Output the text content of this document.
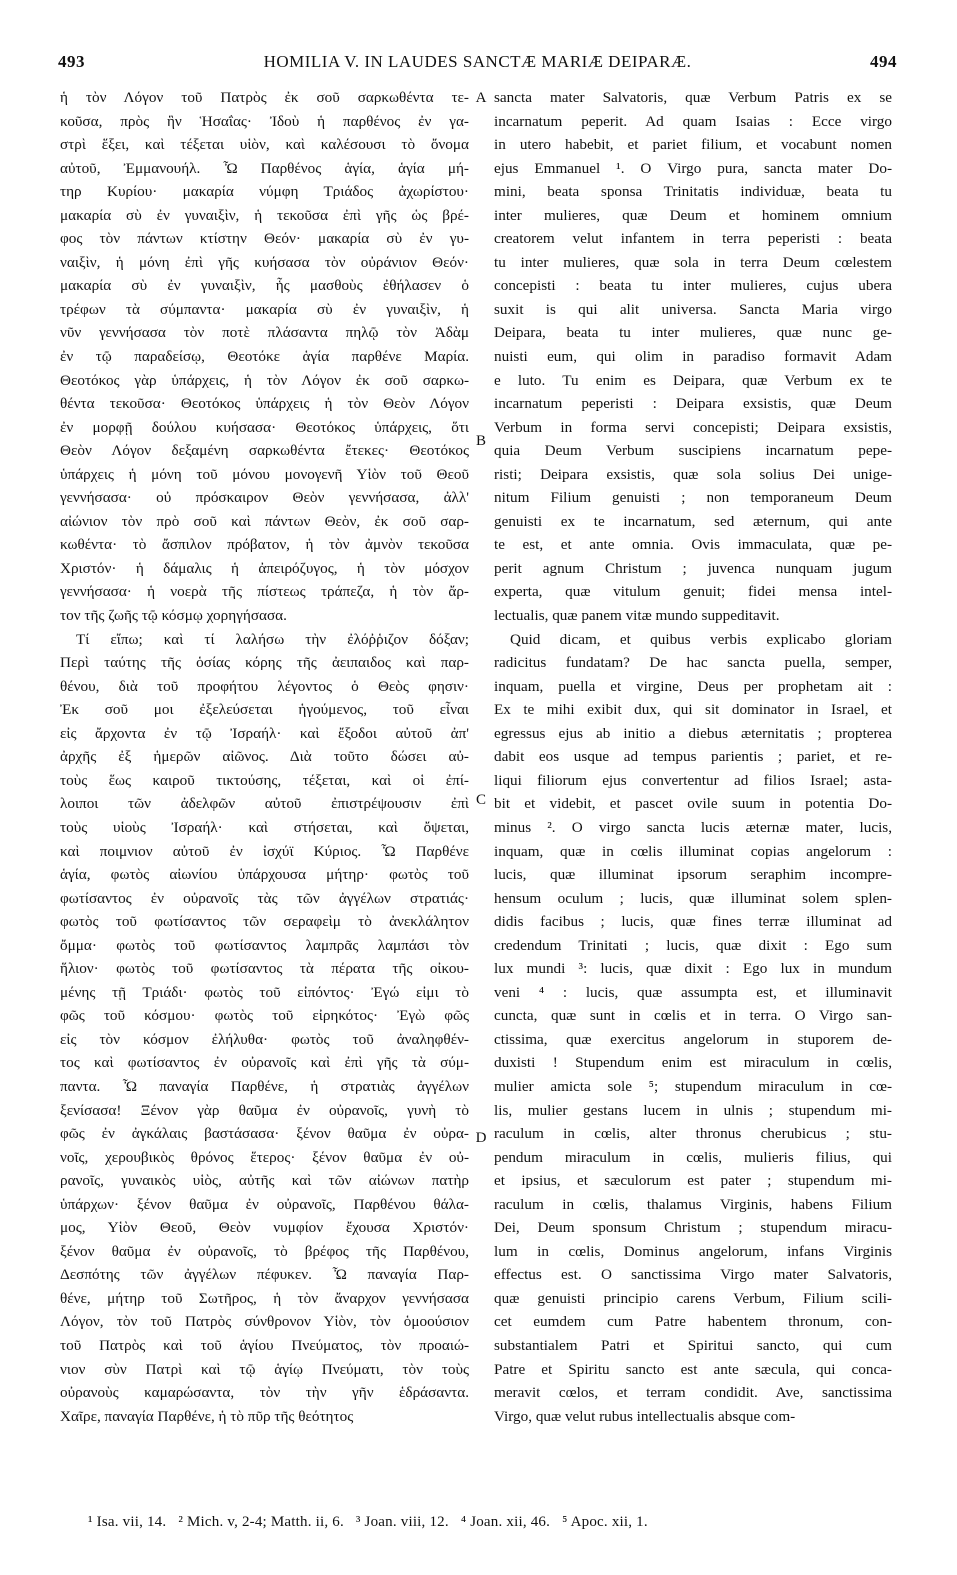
493	HOMILIA V. IN LAUDES SANCTÆ MARIÆ DEIPARÆ.	494
ἡ τὸν Λόγον τοῦ Πατρὸς ἐκ σοῦ σαρκωθέντα τε-
κοῦσα, πρὸς ἣν Ἡσαΐας· Ἰδοὺ ἡ παρθένος ἐν γα-
στρὶ ἕξει, καὶ τέξεται υἱὸν, καὶ καλέσουσι τὸ ὄνομα
αὐτοῦ, Ἐμμανουήλ. Ὦ Παρθένος ἁγία, ἁγία μή-
τηρ Κυρίου· μακαρία νύμφη Τριάδος ἀχωρίστου·
μακαρία σὺ ἐν γυναιξὶν, ἡ τεκοῦσα ἐπὶ γῆς ὡς βρέ-
φος τὸν πάντων κτίστην Θεόν· μακαρία σὺ ἐν γυ-
ναιξὶν, ἡ μόνη ἐπὶ γῆς κυήσασα τὸν οὐράνιον Θεόν·
μακαρία σὺ ἐν γυναιξὶν, ἧς μασθοὺς ἐθήλασεν ὁ
τρέφων τὰ σύμπαντα· μακαρία σὺ ἐν γυναιξὶν, ἡ
νῦν γεννήσασα τὸν ποτὲ πλάσαντα πηλῷ τὸν Ἀδὰμ
ἐν τῷ παραδείσῳ, Θεοτόκε ἁγία παρθένε Μαρία.
Θεοτόκος γὰρ ὑπάρχεις, ἡ τὸν Λόγον ἐκ σοῦ σαρκω-
θέντα τεκοῦσα· Θεοτόκος ὑπάρχεις ἡ τὸν Θεὸν Λόγον
ἐν μορφῇ δούλου κυήσασα· Θεοτόκος ὑπάρχεις, ὅτι
Θεὸν Λόγον δεξαμένη σαρκωθέντα ἔτεκες· Θεοτόκος
ὑπάρχεις ἡ μόνη τοῦ μόνου μονογενῆ Υἱὸν τοῦ Θεοῦ
γεννήσασα· οὐ πρόσκαιρον Θεὸν γεννήσασα, ἀλλ'
αἰώνιον τὸν πρὸ σοῦ καὶ πάντων Θεὸν, ἐκ σοῦ σαρ-
κωθέντα· τὸ ἄσπιλον πρόβατον, ἡ τὸν ἀμνὸν τεκοῦσα
Χριστόν· ἡ δάμαλις ἡ ἀπειρόζυγος, ἡ τὸν μόσχον
γεννήσασα· ἡ νοερὰ τῆς πίστεως τράπεζα, ἡ τὸν ἄρ-
τον τῆς ζωῆς τῷ κόσμῳ χορηγήσασα.
Τί εἴπω; καὶ τί λαλήσω τὴν ἐλόῤῥιζον δόξαν;
Περὶ ταύτης τῆς ὁσίας κόρης τῆς ἀειπαιδος καὶ παρ-
θένου, διὰ τοῦ προφήτου λέγοντος ὁ Θεὸς φησιν·
Ἐκ σοῦ μοι ἐξελεύσεται ἡγούμενος, τοῦ εἶναι
εἰς ἄρχοντα ἐν τῷ Ἰσραήλ· καὶ ἔξοδοι αὐτοῦ ἀπ'
ἀρχῆς ἐξ ἡμερῶν αἰῶνος. Διὰ τοῦτο δώσει αὐ-
τοὺς ἕως καιροῦ τικτούσης, τέξεται, καὶ οἱ ἐπί-
λοιποι τῶν ἀδελφῶν αὐτοῦ ἐπιστρέψουσιν ἐπὶ
τοὺς υἱοὺς Ἰσραήλ· καὶ στήσεται, καὶ ὄψεται,
καὶ ποιμνιον αὐτοῦ ἐν ἰσχύϊ Κύριος. Ὦ Παρθένε
ἁγία, φωτὸς αἰωνίου ὑπάρχουσα μήτηρ· φωτὸς τοῦ
φωτίσαντος ἐν οὐρανοῖς τὰς τῶν ἀγγέλων στρατιάς·
φωτὸς τοῦ φωτίσαντος τῶν σεραφεὶμ τὸ ἀνεκλάλητον
ὄμμα· φωτὸς τοῦ φωτίσαντος λαμπρᾶς λαμπάσι τὸν
ἥλιον· φωτὸς τοῦ φωτίσαντος τὰ πέρατα τῆς οἰκου-
μένης τῇ Τριάδι· φωτὸς τοῦ εἰπόντος· Ἐγώ εἰμι τὸ
φῶς τοῦ κόσμου· φωτὸς τοῦ εἰρηκότος· Ἐγὼ φῶς
εἰς τὸν κόσμον ἐλήλυθα· φωτὸς τοῦ ἀναληφθέν-
τος καὶ φωτίσαντος ἐν οὐρανοῖς καὶ ἐπὶ γῆς τὰ σύμ-
παντα. Ὦ παναγία Παρθένε, ἡ στρατιὰς ἀγγέλων
ξενίσασα! Ξένον γὰρ θαῦμα ἐν οὐρανοῖς, γυνὴ τὸ
φῶς ἐν ἀγκάλαις βαστάσασα· ξένον θαῦμα ἐν οὐρα-
νοῖς, χερουβικὸς θρόνος ἕτερος· ξένον θαῦμα ἐν οὐ-
ρανοῖς, γυναικὸς υἱὸς, αὐτῆς καὶ τῶν αἰώνων πατὴρ
ὑπάρχων· ξένον θαῦμα ἐν οὐρανοῖς, Παρθένου θάλα-
μος, Υἱὸν Θεοῦ, Θεὸν νυμφίον ἔχουσα Χριστόν·
ξένον θαῦμα ἐν οὐρανοῖς, τὸ βρέφος τῆς Παρθένου,
Δεσπότης τῶν ἀγγέλων πέφυκεν. Ὦ παναγία Παρ-
θένε, μήτηρ τοῦ Σωτῆρος, ἡ τὸν ἄναρχον γεννήσασα
Λόγον, τὸν τοῦ Πατρὸς σύνθρονον Υἱὸν, τὸν ὁμοούσιον
τοῦ Πατρὸς καὶ τοῦ ἁγίου Πνεύματος, τὸν προαιώ-
νιον σὺν Πατρὶ καὶ τῷ ἁγίῳ Πνεύματι, τὸν τοὺς
οὐρανοὺς καμαρώσαντα, τὸν τὴν γῆν ἑδράσαντα.
Χαῖρε, παναγία Παρθένε, ἡ τὸ πῦρ τῆς θεότητος
sancta mater Salvatoris, quæ Verbum Patris ex se
incarnatum peperit. Ad quam Isaias : Ecce virgo
in utero habebit, et pariet filium, et vocabunt nomen
ejus Emmanuel ¹. O Virgo pura, sancta mater Do-
mini, beata sponsa Trinitatis individuæ, beata tu
inter mulieres, quæ Deum et hominem omnium
creatorem velut infantem in terra peperisti : beata
tu inter mulieres, quæ sola in terra Deum cœlestem
concepisti : beata tu inter mulieres, cujus ubera
suxit is qui alit universa. Sancta Maria virgo
Deipara, beata tu inter mulieres, quæ nunc ge-
nuisti eum, qui olim in paradiso formavit Adam
e luto. Tu enim es Deipara, quæ Verbum ex te
incarnatum peperisti : Deipara exsistis, quæ Deum
Verbum in forma servi concepisti; Deipara exsistis,
quia Deum Verbum suscipiens incarnatum pepe-
risti; Deipara exsistis, quæ sola solius Dei unige-
nitum Filium genuisti ; non temporaneum Deum
genuisti ex te incarnatum, sed æternum, qui ante
te est, et ante omnia. Ovis immaculata, quæ pe-
perit agnum Christum ; juvenca nunquam jugum
experta, quæ vitulum genuit; fidei mensa intel-
lectualis, quæ panem vitæ mundo suppeditavit.
Quid dicam, et quibus verbis explicabo gloriam
radicitus fundatam? De hac sancta puella, semper,
inquam, puella et virgine, Deus per prophetam ait :
Ex te mihi exibit dux, qui sit dominator in Israel, et
egressus ejus ab initio a diebus æternitatis ; propterea
dabit eos usque ad tempus parientis ; pariet, et re-
liqui filiorum ejus convertentur ad filios Israel; asta-
bit et videbit, et pascet ovile suum in potentia Do-
minus ². O virgo sancta lucis æternæ mater, lucis,
inquam, quæ in cœlis illuminat copias angelorum :
lucis, quæ illuminat ipsorum seraphim incompre-
hensum oculum ; lucis, quæ illuminat solem splen-
didis facibus ; lucis, quæ fines terræ illuminat ad
credendum Trinitati ; lucis, quæ dixit : Ego sum
lux mundi ³: lucis, quæ dixit : Ego lux in mundum
veni ⁴ : lucis, quæ assumpta est, et illuminavit
cuncta, quæ sunt in cœlis et in terra. O Virgo san-
ctissima, quæ exercitus angelorum in stuporem de-
duxisti ! Stupendum enim est miraculum in cœlis,
mulier amicta sole ⁵; stupendum miraculum in cœ-
lis, mulier gestans lucem in ulnis ; stupendum mi-
raculum in cœlis, alter thronus cherubicus ; stu-
pendum miraculum in cœlis, mulieris filius, qui
et ipsius, et sæculorum est pater ; stupendum mi-
raculum in cœlis, thalamus Virginis, habens Filium
Dei, Deum sponsum Christum ; stupendum miracu-
lum in cœlis, Dominus angelorum, infans Virginis
effectus est. O sanctissima Virgo mater Salvatoris,
quæ genuisti principio carens Verbum, Filium scili-
cet eumdem cum Patre habentem thronum, con-
substantialem Patri et Spiritui sancto, qui cum
Patre et Spiritu sancto est ante sæcula, qui conca-
meravit cœlos, et terram condidit. Ave, sanctissima
Virgo, quæ velut rubus intellectualis absque com-
A
B
C
D
¹ Isa. vii, 14. ² Mich. v, 2-4; Matth. ii, 6. ³ Joan. viii, 12. ⁴ Joan. xii, 46. ⁵ Apoc. xii, 1.
